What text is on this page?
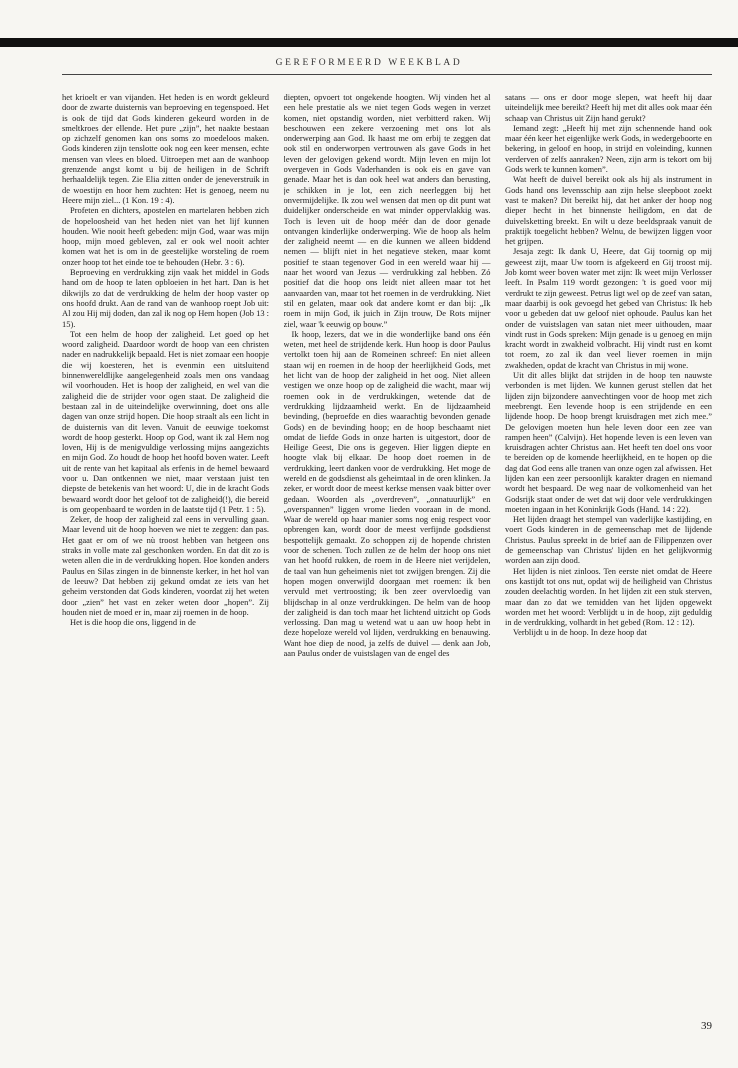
GEREFORMEERD WEEKBLAD

het krioelt er van vijanden. Het heden is en wordt gekleurd door de zwarte duisternis van beproeving en tegenspoed. Het is ook de tijd dat Gods kinderen gekeurd worden in de smeltkroes der ellende. Het pure „zijn”, het naakte bestaan op zichzelf genomen kan ons soms zo moedeloos maken. Gods kinderen zijn tenslotte ook nog een keer mensen, echte mensen van vlees en bloed. Uitroepen met aan de wanhoop grenzende angst komt u bij de heiligen in de Schrift herhaaldelijk tegen. Zie Elia zitten onder de jeneverstruik in de woestijn en hoor hem zuchten: Het is genoeg, neem nu Heere mijn ziel... (1 Kon. 19 : 4).

Profeten en dichters, apostelen en martelaren hebben zich de hopeloosheid van het heden niet van het lijf kunnen houden. Wie nooit heeft gebeden: mijn God, waar was mijn hoop, mijn moed gebleven, zal er ook wel nooit achter komen wat het is om in de geestelijke worsteling de roem onzer hoop tot het einde toe te behouden (Hebr. 3 : 6).

Beproeving en verdrukking zijn vaak het middel in Gods hand om de hoop te laten opbloeien in het hart. Dan is het dikwijls zo dat de verdrukking de helm der hoop vaster op ons hoofd drukt. Aan de rand van de wanhoop roept Job uit: Al zou Hij mij doden, dan zal ik nog op Hem hopen (Job 13 : 15).

Tot een helm de hoop der zaligheid. Let goed op het woord zaligheid. Daardoor wordt de hoop van een christen nader en nadrukkelijk bepaald. Het is niet zomaar een hoopje die wij koesteren, het is evenmin een uitsluitend binnenwereldlijke aangelegenheid zoals men ons vandaag wil voorhouden. Het is hoop der zaligheid, en wel van die zaligheid die de strijder voor ogen staat. De zaligheid die bestaan zal in de uiteindelijke overwinning, doet ons alle dagen van onze strijd hopen. Die hoop straalt als een licht in de duisternis van dit leven. Vanuit de eeuwige toekomst wordt de hoop gesterkt. Hoop op God, want ik zal Hem nog loven, Hij is de menigvuldige verlossing mijns aangezichts en mijn God. Zo houdt de hoop het hoofd boven water. Leeft uit de rente van het kapitaal als erfenis in de hemel bewaard voor u. Dan ontkennen we niet, maar verstaan juist ten diepste de betekenis van het woord: U, die in de kracht Gods bewaard wordt door het geloof tot de zaligheid(!), die bereid is om geopenbaard te worden in de laatste tijd (1 Petr. 1 : 5).

Zeker, de hoop der zaligheid zal eens in vervulling gaan. Maar levend uit de hoop hoeven we niet te zeggen: dan pas. Het gaat er om of we nù troost hebben van hetgeen ons straks in volle mate zal geschonken worden. En dat dit zo is weten allen die in de verdrukking hopen. Hoe konden anders Paulus en Silas zingen in de binnenste kerker, in het hol van de leeuw? Dat hebben zij gekund omdat ze iets van het geheim verstonden dat Gods kinderen, voordat zij het weten door „zien” het vast en zeker weten door „hopen”. Zij houden niet de moed er in, maar zij roemen in de hoop.

Het is die hoop die ons, liggend in de

diepten, opvoert tot ongekende hoogten. Wij vinden het al een hele prestatie als we niet tegen Gods wegen in verzet komen, niet opstandig worden, niet verbitterd raken. Wij beschouwen een zekere verzoening met ons lot als onderwerping aan God. Ik haast me om erbij te zeggen dat ook stil en onderworpen vertrouwen als gave Gods in het leven der gelovigen gekend wordt. Mijn leven en mijn lot overgeven in Gods Vaderhanden is ook eis en gave van genade. Maar het is dan ook heel wat anders dan berusting, je schikken in je lot, een zich neerleggen bij het onvermijdelijke. Ik zou wel wensen dat men op dit punt wat duidelijker onderscheide en wat minder oppervlakkig was. Toch is leven uit de hoop méér dan de door genade ontvangen kinderlijke onderwerping. Wie de hoop als helm der zaligheid neemt — en die kunnen we alleen biddend nemen — blijft niet in het negatieve steken, maar komt positief te staan tegenover God in een wereld waar hij — naar het woord van Jezus — verdrukking zal hebben. Zó positief dat die hoop ons leidt niet alleen maar tot het aanvaarden van, maar tot het roemen in de verdrukking. Niet stil en gelaten, maar ook dat andere komt er dan bij: „Ik roem in mijn God, ik juich in Zijn trouw, De Rots mijner ziel, waar 'k eeuwig op bouw.”

Ik hoop, lezers, dat we in die wonderlijke band ons één weten, met heel de strijdende kerk. Hun hoop is door Paulus vertolkt toen hij aan de Romeinen schreef: En niet alleen staan wij en roemen in de hoop der heerlijkheid Gods, met het licht van de hoop der zaligheid in het oog. Niet alleen vestigen we onze hoop op de zaligheid die wacht, maar wij roemen ook in de verdrukkingen, wetende dat de verdrukking lijdzaamheid werkt. En de lijdzaamheid bevinding, (beproefde en dies waarachtig bevonden genade Gods) en de bevinding hoop; en de hoop beschaamt niet omdat de liefde Gods in onze harten is uitgestort, door de Heilige Geest, Die ons is gegeven. Hier liggen diepte en hoogte vlak bij elkaar. De hoop doet roemen in de verdrukking, leert danken voor de verdrukking. Het moge de wereld en de godsdienst als geheimtaal in de oren klinken. Ja zeker, er wordt door de meest kerkse mensen vaak bitter over gedaan. Woorden als „overdreven”, „onnatuurlijk” en „overspannen” liggen vrome lieden vooraan in de mond. Waar de wereld op haar manier soms nog enig respect voor opbrengen kan, wordt door de meest verfijnde godsdienst bespottelijk gemaakt. Zo schoppen zij de hopende christen voor de schenen. Toch zullen ze de helm der hoop ons niet van het hoofd rukken, de roem in de Heere niet verijdelen, de taal van hun geheimenis niet tot zwijgen brengen. Zij die hopen mogen onverwijld doorgaan met roemen: ik ben vervuld met vertroosting; ik ben zeer overvloedig van blijdschap in al onze verdrukkingen. De helm van de hoop der zaligheid is dan toch maar het lichtend uitzicht op Gods verlossing. Dan mag u wetend wat u aan uw hoop hebt in deze hopeloze wereld vol lijden, verdrukking en benauwing. Want hoe diep de nood, ja zelfs de duivel — denk aan Job, aan Paulus onder de vuistslagen van de engel des

satans — ons er door moge slepen, wat heeft hij daar uiteindelijk mee bereikt? Heeft hij met dit alles ook maar één schaap van Christus uit Zijn hand gerukt?

Iemand zegt: „Heeft hij met zijn schennende hand ook maar één keer het eigenlijke werk Gods, in wedergeboorte en bekering, in geloof en hoop, in strijd en voleinding, kunnen verderven of zelfs aanraken? Neen, zijn arm is tekort om bij Gods werk te kunnen komen”.

Wat heeft de duivel bereikt ook als hij als instrument in Gods hand ons levensschip aan zijn helse sleepboot zoekt vast te maken? Dit bereikt hij, dat het anker der hoop nog dieper hecht in het binnenste heiligdom, en dat de duivelsketting breekt. En wilt u deze beeldspraak vanuit de praktijk toegelicht hebben? Welnu, de bewijzen liggen voor het grijpen.

Jesaja zegt: Ik dank U, Heere, dat Gij toornig op mij geweest zijt, maar Uw toorn is afgekeerd en Gij troost mij. Job komt weer boven water met zijn: Ik weet mijn Verlosser leeft. In Psalm 119 wordt gezongen: 't is goed voor mij verdrukt te zijn geweest. Petrus ligt wel op de zeef van satan, maar daarbij is ook gevoegd het gebed van Christus: Ik heb voor u gebeden dat uw geloof niet ophoude. Paulus kan het onder de vuistslagen van satan niet meer uithouden, maar vindt rust in Gods spreken: Mijn genade is u genoeg en mijn kracht wordt in zwakheid volbracht. Hij vindt rust en komt tot roem, zo zal ik dan veel liever roemen in mijn zwakheden, opdat de kracht van Christus in mij wone.

Uit dit alles blijkt dat strijden in de hoop ten nauwste verbonden is met lijden. We kunnen gerust stellen dat het lijden zijn bijzondere aanvechtingen voor de hoop met zich meebrengt. Een levende hoop is een strijdende en een lijdende hoop. De hoop brengt kruisdragen met zich mee.” De gelovigen moeten hun hele leven door een zee van rampen heen” (Calvijn). Het hopende leven is een leven van kruisdragen achter Christus aan. Het heeft ten doel ons voor te bereiden op de komende heerlijkheid, en te hopen op die dag dat God eens alle tranen van onze ogen zal afwissen. Het lijden kan een zeer persoonlijk karakter dragen en niemand wordt het bespaard. De weg naar de volkomenheid van het Godsrijk staat onder de wet dat wij door vele verdrukkingen moeten ingaan in het Koninkrijk Gods (Hand. 14 : 22).

Het lijden draagt het stempel van vaderlijke kastijding, en voert Gods kinderen in de gemeenschap met de lijdende Christus. Paulus spreekt in de brief aan de Filippenzen over de gemeenschap van Christus' lijden en het gelijkvormig worden aan zijn dood.

Het lijden is niet zinloos. Ten eerste niet omdat de Heere ons kastijdt tot ons nut, opdat wij de heiligheid van Christus zouden deelachtig worden. In het lijden zit een stuk sterven, maar dan zo dat we temidden van het lijden opgewekt worden met het woord: Verblijdt u in de hoop, zijt geduldig in de verdrukking, volhardt in het gebed (Rom. 12 : 12).

Verblijdt u in de hoop. In deze hoop dat

39
